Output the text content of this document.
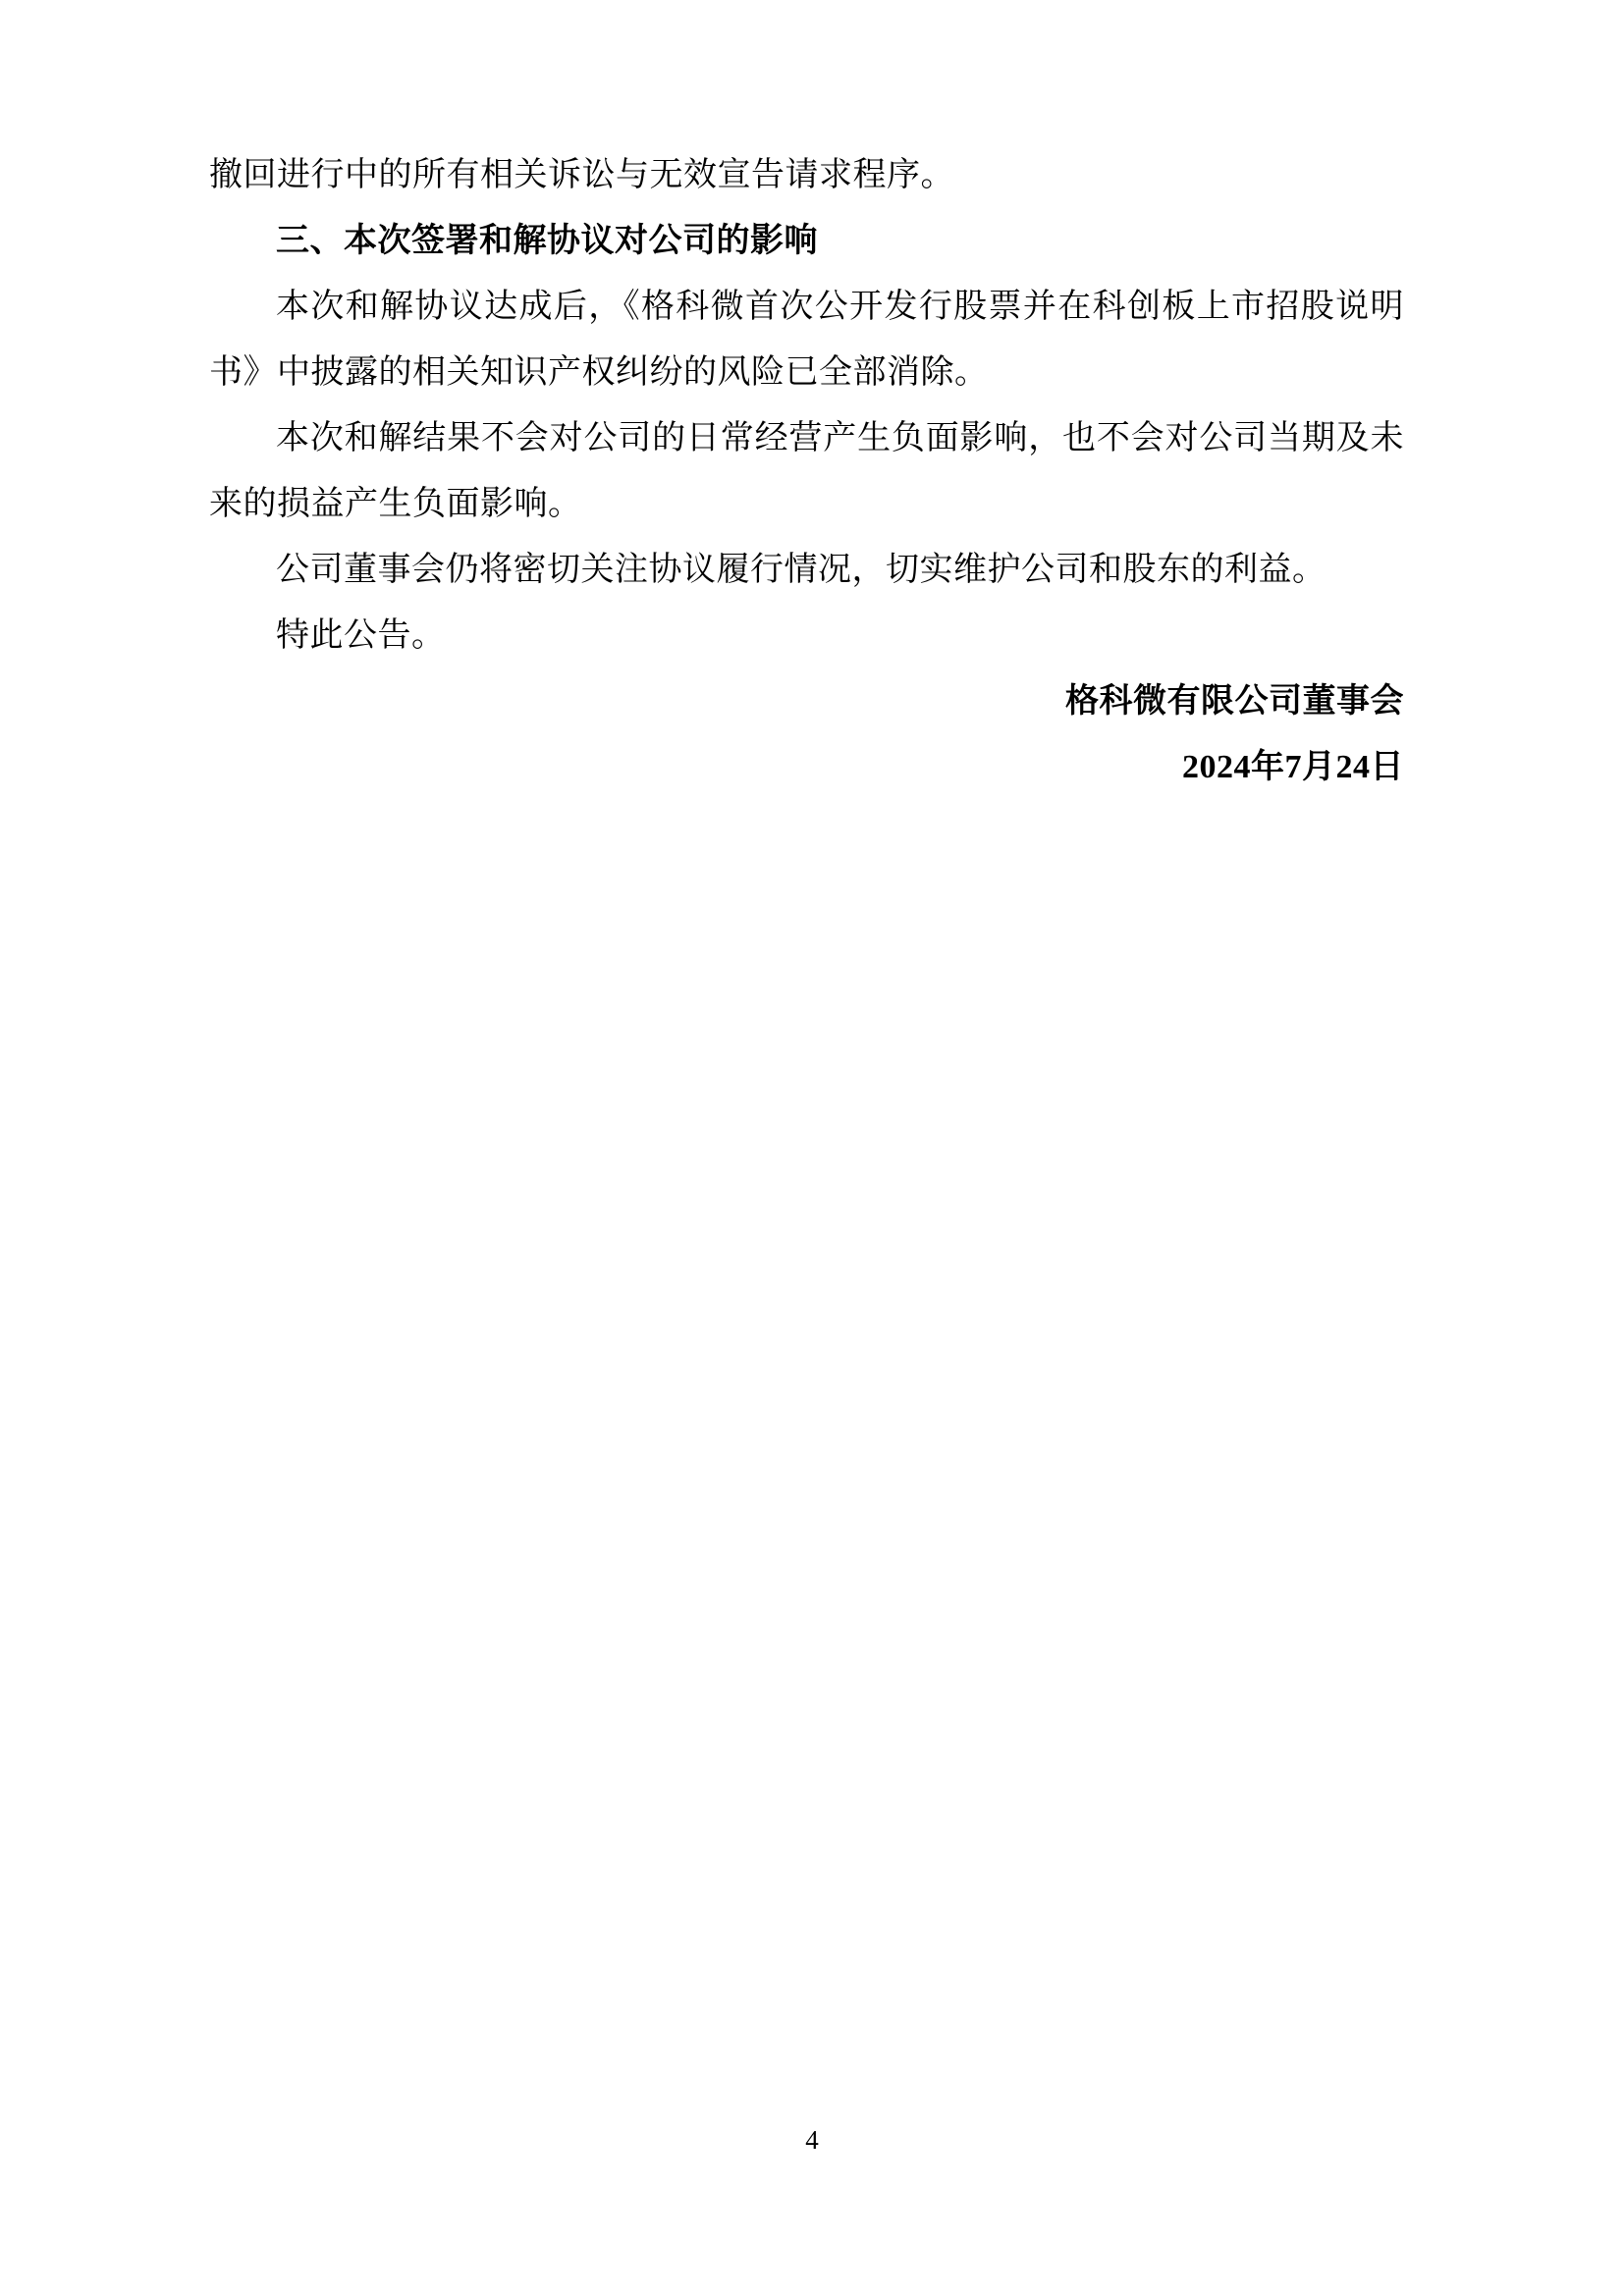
撤回进行中的所有相关诉讼与无效宣告请求程序。

三、本次签署和解协议对公司的影响

本次和解协议达成后，《格科微首次公开发行股票并在科创板上市招股说明书》中披露的相关知识产权纠纷的风险已全部消除。

本次和解结果不会对公司的日常经营产生负面影响，也不会对公司当期及未来的损益产生负面影响。

公司董事会仍将密切关注协议履行情况，切实维护公司和股东的利益。

特此公告。

格科微有限公司董事会
2024年7月24日
4
